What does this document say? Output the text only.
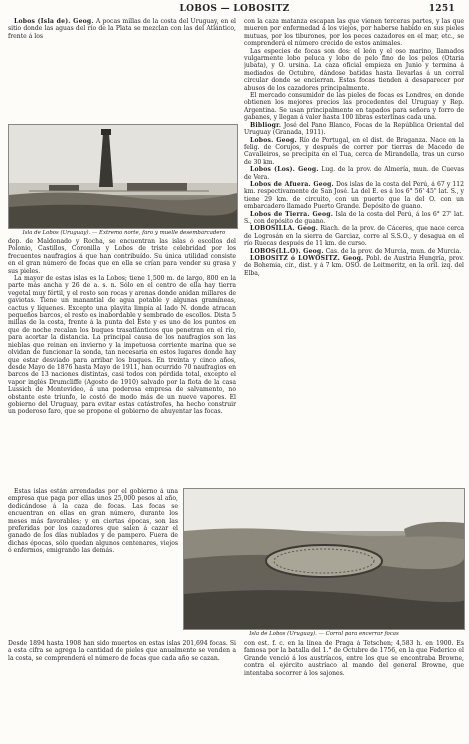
LOBOS — LOBOSITZ	1251

Lobos (Isla de). Geog. A pocas millas de la costa del Uruguay, en el sitio donde las aguas del río de la Plata se mezclan con las del Atlántico, frente á los

Isla de Lobos (Uruguay). — Extremo norte, faro y muelle desembarcadero

dep. de Maldonado y Rocha, se encuentran las islas ó escollos del Polonio, Castillos, Coronilla y Lobos de triste celebridad por los frecuentes naufragios á que han contribuído. Su única utilidad consiste en el gran número de focas que en ella se crían para vender su grasa y sus pieles.

La mayor de estas islas es la Lobos; tiene 1,500 m. de largo, 800 en la parte más ancha y 26 de a. s. n. Sólo en el centro de ella hay tierra vegetal muy fértil, y el resto son rocas y arenas donde anidan millares de gaviotas. Tiene un manantial de agua potable y algunas gramíneas, cactus y líquenes. Excepto una playita limpia al lado N. donde atracan pequeños barcos, el resto es inabordable y sembrado de escollos. Dista 5 millas de la costa, frente á la punta del Este y es uno de los puntos en que de noche recalan los buques trasatlánticos que penetran en el río, para acortar la distancia. La principal causa de los naufragios son las nieblas que reinan en invierno y la impetuosa corriente marina que se olvidan de funcionar la sonda, tan necesaria en estos lugares donde hay que estar desviado para arribar los buques. En treinta y cinco años, desde Mayo de 1876 hasta Mayo de 1911, han ocurrido 70 naufragios en barcos de 13 naciones distintas, casi todos con pérdida total, excepto el vapor inglés Drumcliffe (Agosto de 1910) salvado por la flota de la casa Lussich de Montevideo, á una poderosa empresa de salvamento, no obstante este triunfo, le costó de modo más de un nueve vapores. El gobierno del Uruguay, para evitar estas catástrofes, ha hecho construir un poderoso faro, que se propone el gobierno de ahuyentar las focas.

Estas islas están arrendadas por el gobierno á una empresa que paga por ellas unos 25,000 pesos al año, dedicándose á la caza de focas. Las focas se encuentran en ellas en gran número, durante los meses más favorables; y en ciertas épocas, son las preferidas por los cazadores que salen á cazar el ganado de los días nublados y de pampero. Fuera de dichas épocas, sólo quedan algunos centenares, viejos ó enfermos, emigrando las demás.

Desde 1894 hasta 1908 han sido muertos en estas islas 201,694 focas. Si a esta cifra se agrega la cantidad de pieles que anualmente se venden a la costa, se comprenderá el número de focas que cada año se cazan.

con la caza matanza escapan las que vienen terceras partes, y las que mueren por enfermedad á los viejos, por haberse habido en sus pieles mutuas, por los tiburones, por los peces cazadores en el mar, etc., se comprenderá el número crecido de estos animales.

Las especies de focas son dos: el león y el oso marino, llamados vulgarmente lobo peluca y lobo de pelo fino de los pelos (Otaria jubata), y O. ursina. La caza oficial empieza en Junio y termina á mediados de Octubre, dándose batidas hasta llevarlas á un corral circular donde se encierran. Estas focas tienden á desaparecer por abusos de los cazadores principalmente.

El mercado consumidor de las pieles de focas es Londres, en donde obtienen los mejores precios las procedentes del Uruguay y Rep. Argentina. Se usan principalmente en tapados para señora y forro de gabanes, y llegan á valer hasta 100 libras esterlinas cada una.

Bibliogr. José del Pano Blanco, Focas de la República Oriental del Uruguay (Granada, 1911).

Lobos. Geog. Río de Portugal, en el dist. de Braganza. Nace en la felig. de Corujos, y después de correr por tierras de Macedo de Cavalleiros, se precipita en el Tua, cerca de Mirandella, tras un curso de 30 km.

Lobos (Los). Geog. Lug. de la prov. de Almería, mun. de Cuevas de Vera.

Lobos de Afuera. Geog. Dos islas de la costa del Perú, á 67 y 112 km. respectivamente de San José. La del E. es á los 6° 56' 45" lat. S., y tiene 29 km. de circuito, con un puerto que la del O. con un embarcadero llamado Puerto Grande. Depósito de guano.

Lobos de Tierra. Geog. Isla de la costa del Perú, á los 6° 27' lat. S., con depósito de guano.

LOBOSILLA. Geog. Riach. de la prov. de Cáceres, que nace cerca de Logrosán en la sierra de Garciaz, corre al S.S.O., y desagua en el río Ruecas después de 11 km. de curso.

LOBOS(LL.O). Geog. Cas. de la prov. de Murcia, mun. de Murcia.

LOBOSITZ ó LOWOSITZ. Geog. Pobl. de Austria Hungría, prov. de Bohemia, cir., dist. y á 7 km. OSO. de Leitmeritz, en la oril. izq. del Elba,

Isla de Lobos (Uruguay). — Corral para encerrar focas

con est. f. c. en la línea de Praga á Tetschen; 4,583 h. en 1900. Es famosa por la batalla del 1.° de Octubre de 1756, en la que Federico el Grande venció á los austríacos, entre los que se encontraba Browne, contra el ejército austríaco al mando del general Browne, que intentaba socorrer á los sajones.
